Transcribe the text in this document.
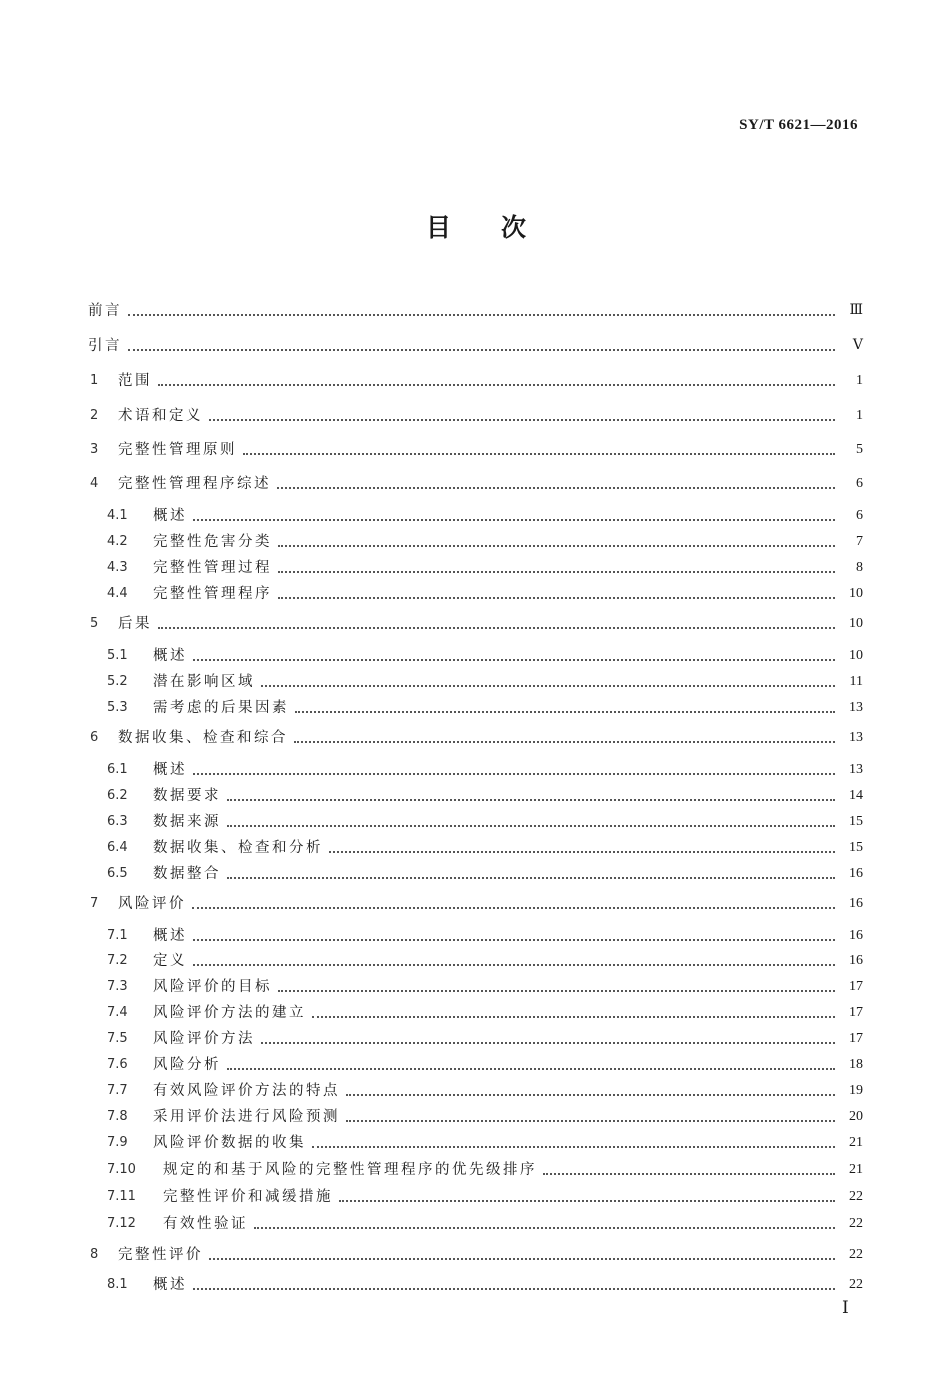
SY/T 6621—2016
目次
前言	Ⅲ
引言	Ⅴ
1	范围	1
2	术语和定义	1
3	完整性管理原则	5
4	完整性管理程序综述	6
4.1	概述	6
4.2	完整性危害分类	7
4.3	完整性管理过程	8
4.4	完整性管理程序	10
5	后果	10
5.1	概述	10
5.2	潜在影响区域	11
5.3	需考虑的后果因素	13
6	数据收集、检查和综合	13
6.1	概述	13
6.2	数据要求	14
6.3	数据来源	15
6.4	数据收集、检查和分析	15
6.5	数据整合	16
7	风险评价	16
7.1	概述	16
7.2	定义	16
7.3	风险评价的目标	17
7.4	风险评价方法的建立	17
7.5	风险评价方法	17
7.6	风险分析	18
7.7	有效风险评价方法的特点	19
7.8	采用评价法进行风险预测	20
7.9	风险评价数据的收集	21
7.10	规定的和基于风险的完整性管理程序的优先级排序	21
7.11	完整性评价和减缓措施	22
7.12	有效性验证	22
8	完整性评价	22
8.1	概述	22
Ⅰ
